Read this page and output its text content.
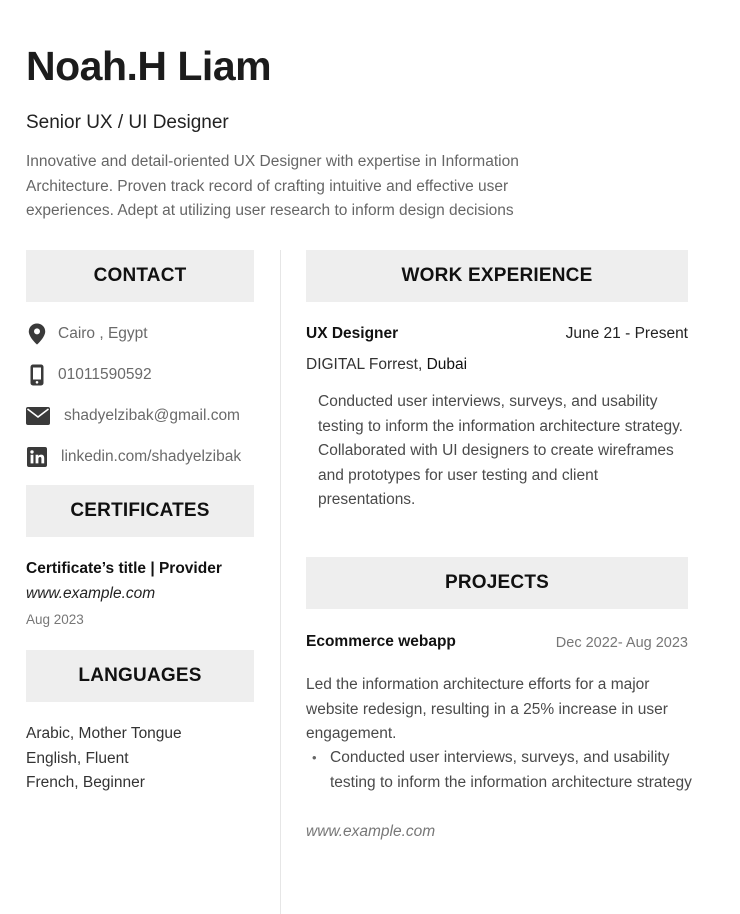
Noah.H Liam
Senior UX / UI Designer
Innovative and detail-oriented UX Designer with expertise in Information Architecture. Proven track record of crafting intuitive and effective user experiences. Adept at utilizing user research to inform design decisions
CONTACT
Cairo , Egypt
01011590592
shadyelzibak@gmail.com
linkedin.com/shadyelzibak
CERTIFICATES
Certificate’s title | Provider
www.example.com
Aug 2023
LANGUAGES
Arabic, Mother Tongue
English, Fluent
French, Beginner
WORK EXPERIENCE
UX Designer	June 21 - Present
DIGITAL Forrest, Dubai
Conducted user interviews, surveys, and usability testing to inform the information architecture strategy.
Collaborated with UI designers to create wireframes and prototypes for user testing and client presentations.
PROJECTS
Ecommerce webapp	Dec 2022- Aug 2023
Led the information architecture efforts for a major website redesign, resulting in a 25% increase in user engagement.
• Conducted user interviews, surveys, and usability testing to inform the information architecture strategy
www.example.com
